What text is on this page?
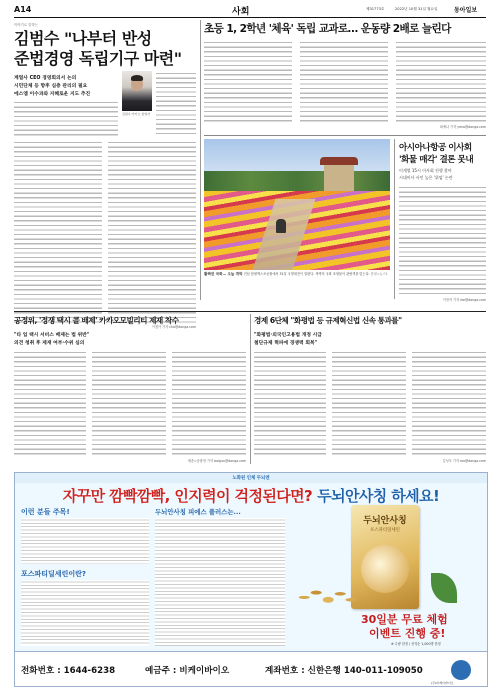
A14	사회	제31773호	2022년 10월 31일 월요일	동아일보
이야기로 말하는
김범수 "나부터 반성
준법경영 독립기구 마련"
계열사 CEO 경영회의서 논의
시민단체 등 향후 심층 관리의 필요
에스엠 이수과와 지혜로운 지도 추진
김범수 카카오 창업자
이청아 기자 cha@donga.com
초등 1, 2학년 '체육' 독립 교과로… 운동량 2배로 늘린다
최예나 기자 yena@donga.com
활짝핀 국화… 오늘 개막 전남 함평엑스포공원에서 31일 국향대전이 열린다. 색색의 국화 조형물이 관람객을 맞는다. 함평=뉴스1
아시아나항공 이사회
'화물 매각' 결론 못내
이계열 15시 이사회 진행 찾아
시대이사 사인 높은 '위임' 논란
이현석 기자 lee@donga.com
공정위, '정쟁 택시 콜 배제' 카카오모빌리티 제재 착수
"타 업 택시 서비스 배제는 법 위반"
의견 청취 후 제재 여부·수위 심의
세종=송충현 기자 balgun@donga.com
경제 6단체 "화평법 등 규제혁신법 신속 통과를"
"화평법·외국인고용법 개정 시급
첨단규제 혁파에 경쟁력 회복"
김성모 기자 mo@donga.com
노화된 인체 두뇌엔
자꾸만 깜빡깜빡, 인지력이 걱정된다면? 두뇌안사칭 하세요!
이런 분들 주목!
포스파티딜세린이란?
두뇌안사칭 피에스 플러스는...
두뇌안사칭
포스파티딜세린
30일분 무료 체험
이벤트 진행 중!
※ 수량 한정 / 선착순 1,000명 한정
전화번호 : 1644-6238	예금주 : 비케이바이오	계좌번호 : 신한은행 140-011-109050
(주)비케이바이오
